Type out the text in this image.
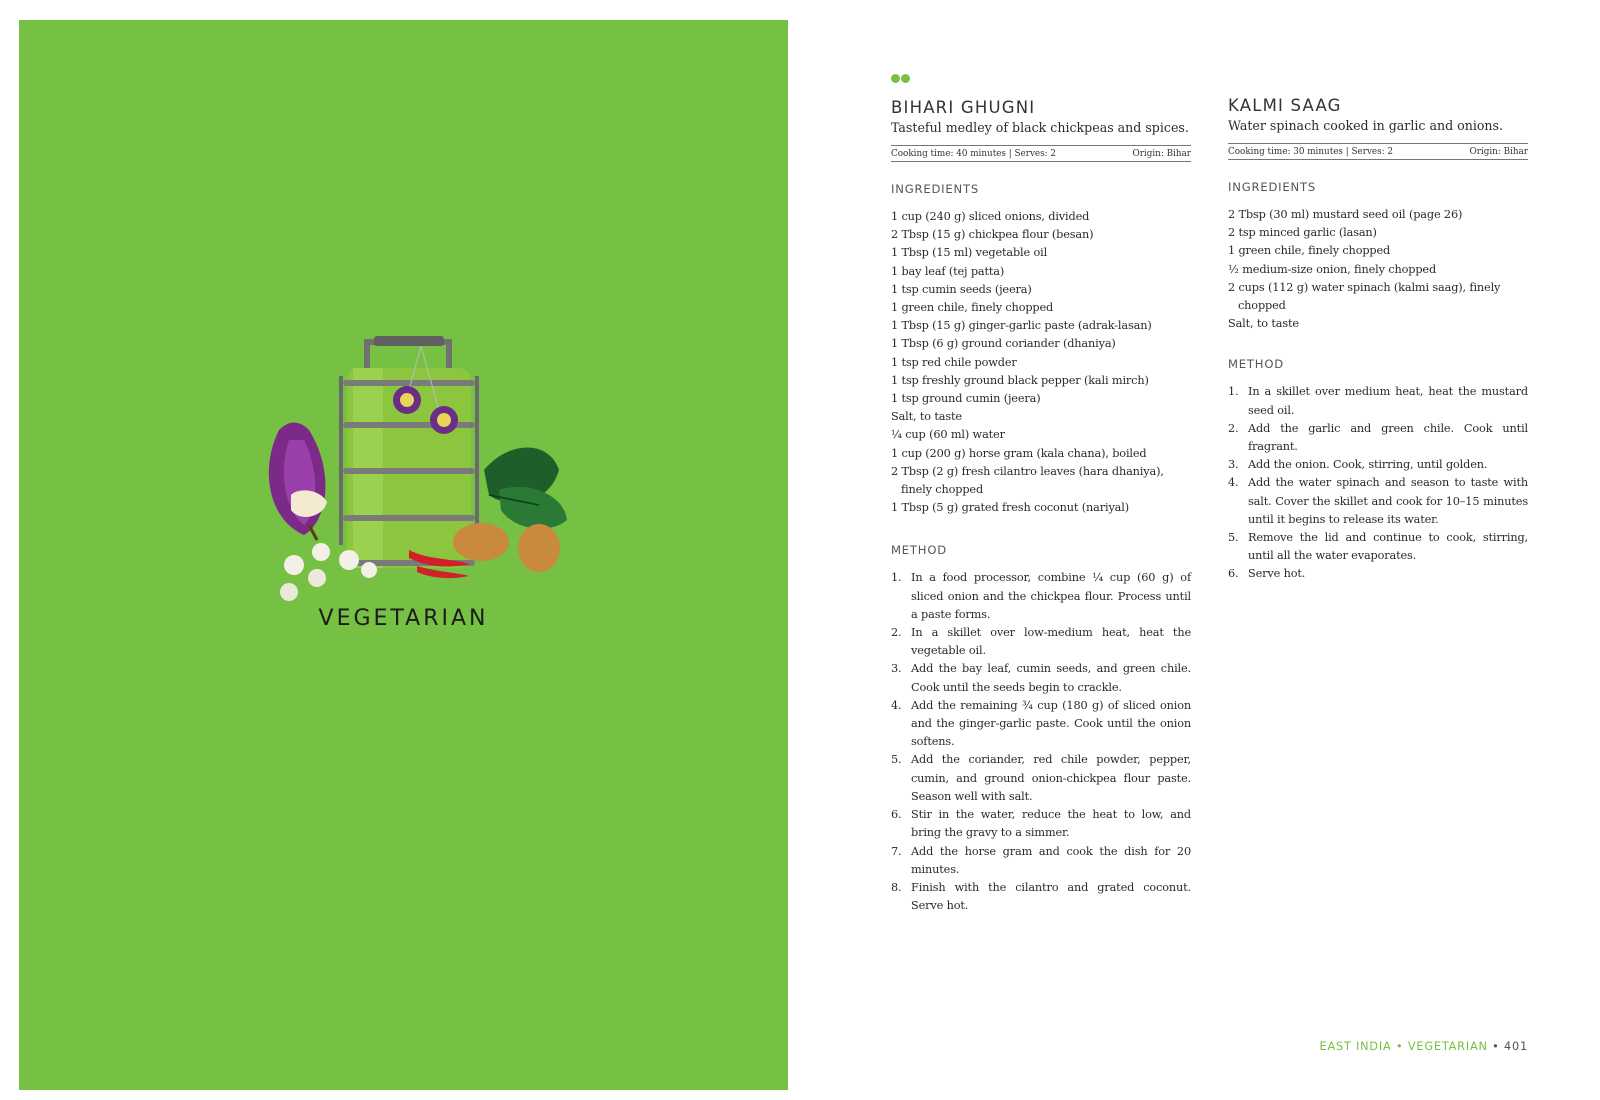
VEGETARIAN
BIHARI GHUGNI

Tasteful medley of black chickpeas and spices.

Cooking time: 40 minutes | Serves: 2	Origin: Bihar
INGREDIENTS
1 cup (240 g) sliced onions, divided
2 Tbsp (15 g) chickpea flour (besan)
1 Tbsp (15 ml) vegetable oil
1 bay leaf (tej patta)
1 tsp cumin seeds (jeera)
1 green chile, finely chopped
1 Tbsp (15 g) ginger-garlic paste (adrak-lasan)
1 Tbsp (6 g) ground coriander (dhaniya)
1 tsp red chile powder
1 tsp freshly ground black pepper (kali mirch)
1 tsp ground cumin (jeera)
Salt, to taste
¼ cup (60 ml) water
1 cup (200 g) horse gram (kala chana), boiled
2 Tbsp (2 g) fresh cilantro leaves (hara dhaniya), finely chopped
1 Tbsp (5 g) grated fresh coconut (nariyal)
METHOD
1. In a food processor, combine ¼ cup (60 g) of sliced onion and the chickpea flour. Process until a paste forms.
2. In a skillet over low-medium heat, heat the vegetable oil.
3. Add the bay leaf, cumin seeds, and green chile. Cook until the seeds begin to crackle.
4. Add the remaining ¾ cup (180 g) of sliced onion and the ginger-garlic paste. Cook until the onion softens.
5. Add the coriander, red chile powder, pepper, cumin, and ground onion-chickpea flour paste. Season well with salt.
6. Stir in the water, reduce the heat to low, and bring the gravy to a simmer.
7. Add the horse gram and cook the dish for 20 minutes.
8. Finish with the cilantro and grated coconut. Serve hot.
KALMI SAAG

Water spinach cooked in garlic and onions.

Cooking time: 30 minutes | Serves: 2	Origin: Bihar
INGREDIENTS
2 Tbsp (30 ml) mustard seed oil (page 26)
2 tsp minced garlic (lasan)
1 green chile, finely chopped
½ medium-size onion, finely chopped
2 cups (112 g) water spinach (kalmi saag), finely chopped
Salt, to taste
METHOD
1. In a skillet over medium heat, heat the mustard seed oil.
2. Add the garlic and green chile. Cook until fragrant.
3. Add the onion. Cook, stirring, until golden.
4. Add the water spinach and season to taste with salt. Cover the skillet and cook for 10–15 minutes until it begins to release its water.
5. Remove the lid and continue to cook, stirring, until all the water evaporates.
6. Serve hot.
EAST INDIA • VEGETARIAN • 401
